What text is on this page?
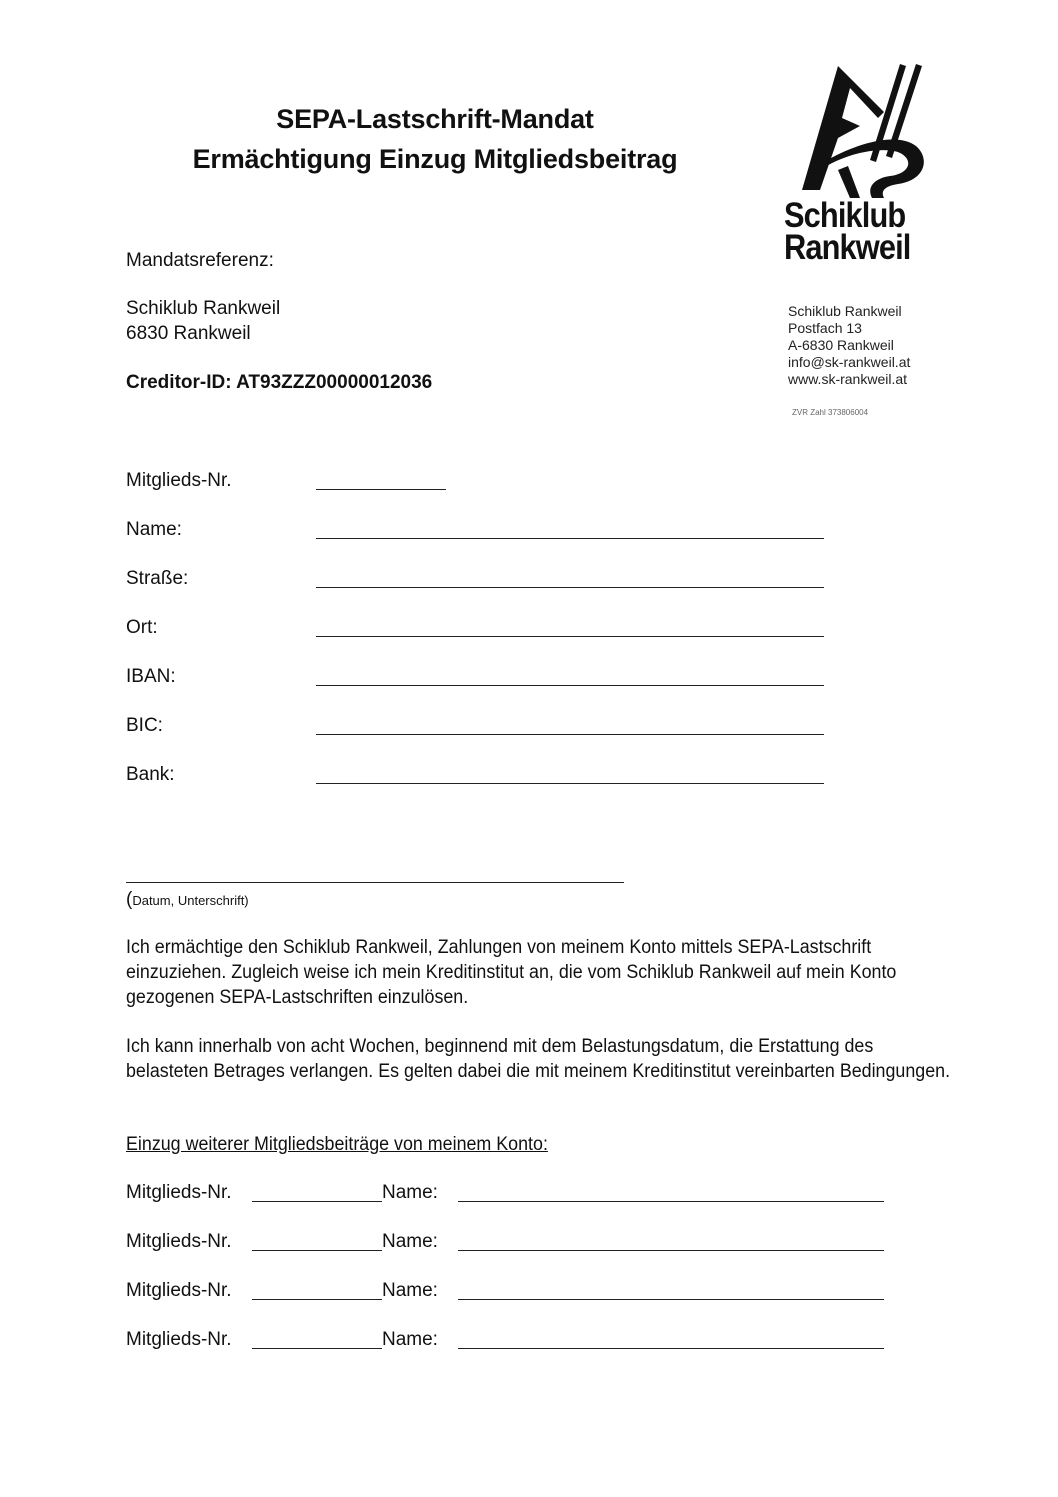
SEPA-Lastschrift-Mandat
Ermächtigung Einzug Mitgliedsbeitrag
Schiklub
Rankweil
Schiklub Rankweil
Postfach 13
A-6830 Rankweil
info@sk-rankweil.at
www.sk-rankweil.at
ZVR Zahl 373806004
Mandatsreferenz:
Schiklub Rankweil
6830 Rankweil
Creditor-ID: AT93ZZZ00000012036
Mitglieds-Nr.
Name:
Straße:
Ort:
IBAN:
BIC:
Bank:
(Datum, Unterschrift)
Ich ermächtige den Schiklub Rankweil, Zahlungen von meinem Konto mittels SEPA-Lastschrift einzuziehen. Zugleich weise ich mein Kreditinstitut an, die vom Schiklub Rankweil auf mein Konto gezogenen SEPA-Lastschriften einzulösen.
Ich kann innerhalb von acht Wochen, beginnend mit dem Belastungsdatum, die Erstattung des belasteten Betrages verlangen. Es gelten dabei die mit meinem Kreditinstitut vereinbarten Bedingungen.
Einzug weiterer Mitgliedsbeiträge von meinem Konto:
Mitglieds-Nr.	Name:
Mitglieds-Nr.	Name:
Mitglieds-Nr.	Name:
Mitglieds-Nr.	Name:
